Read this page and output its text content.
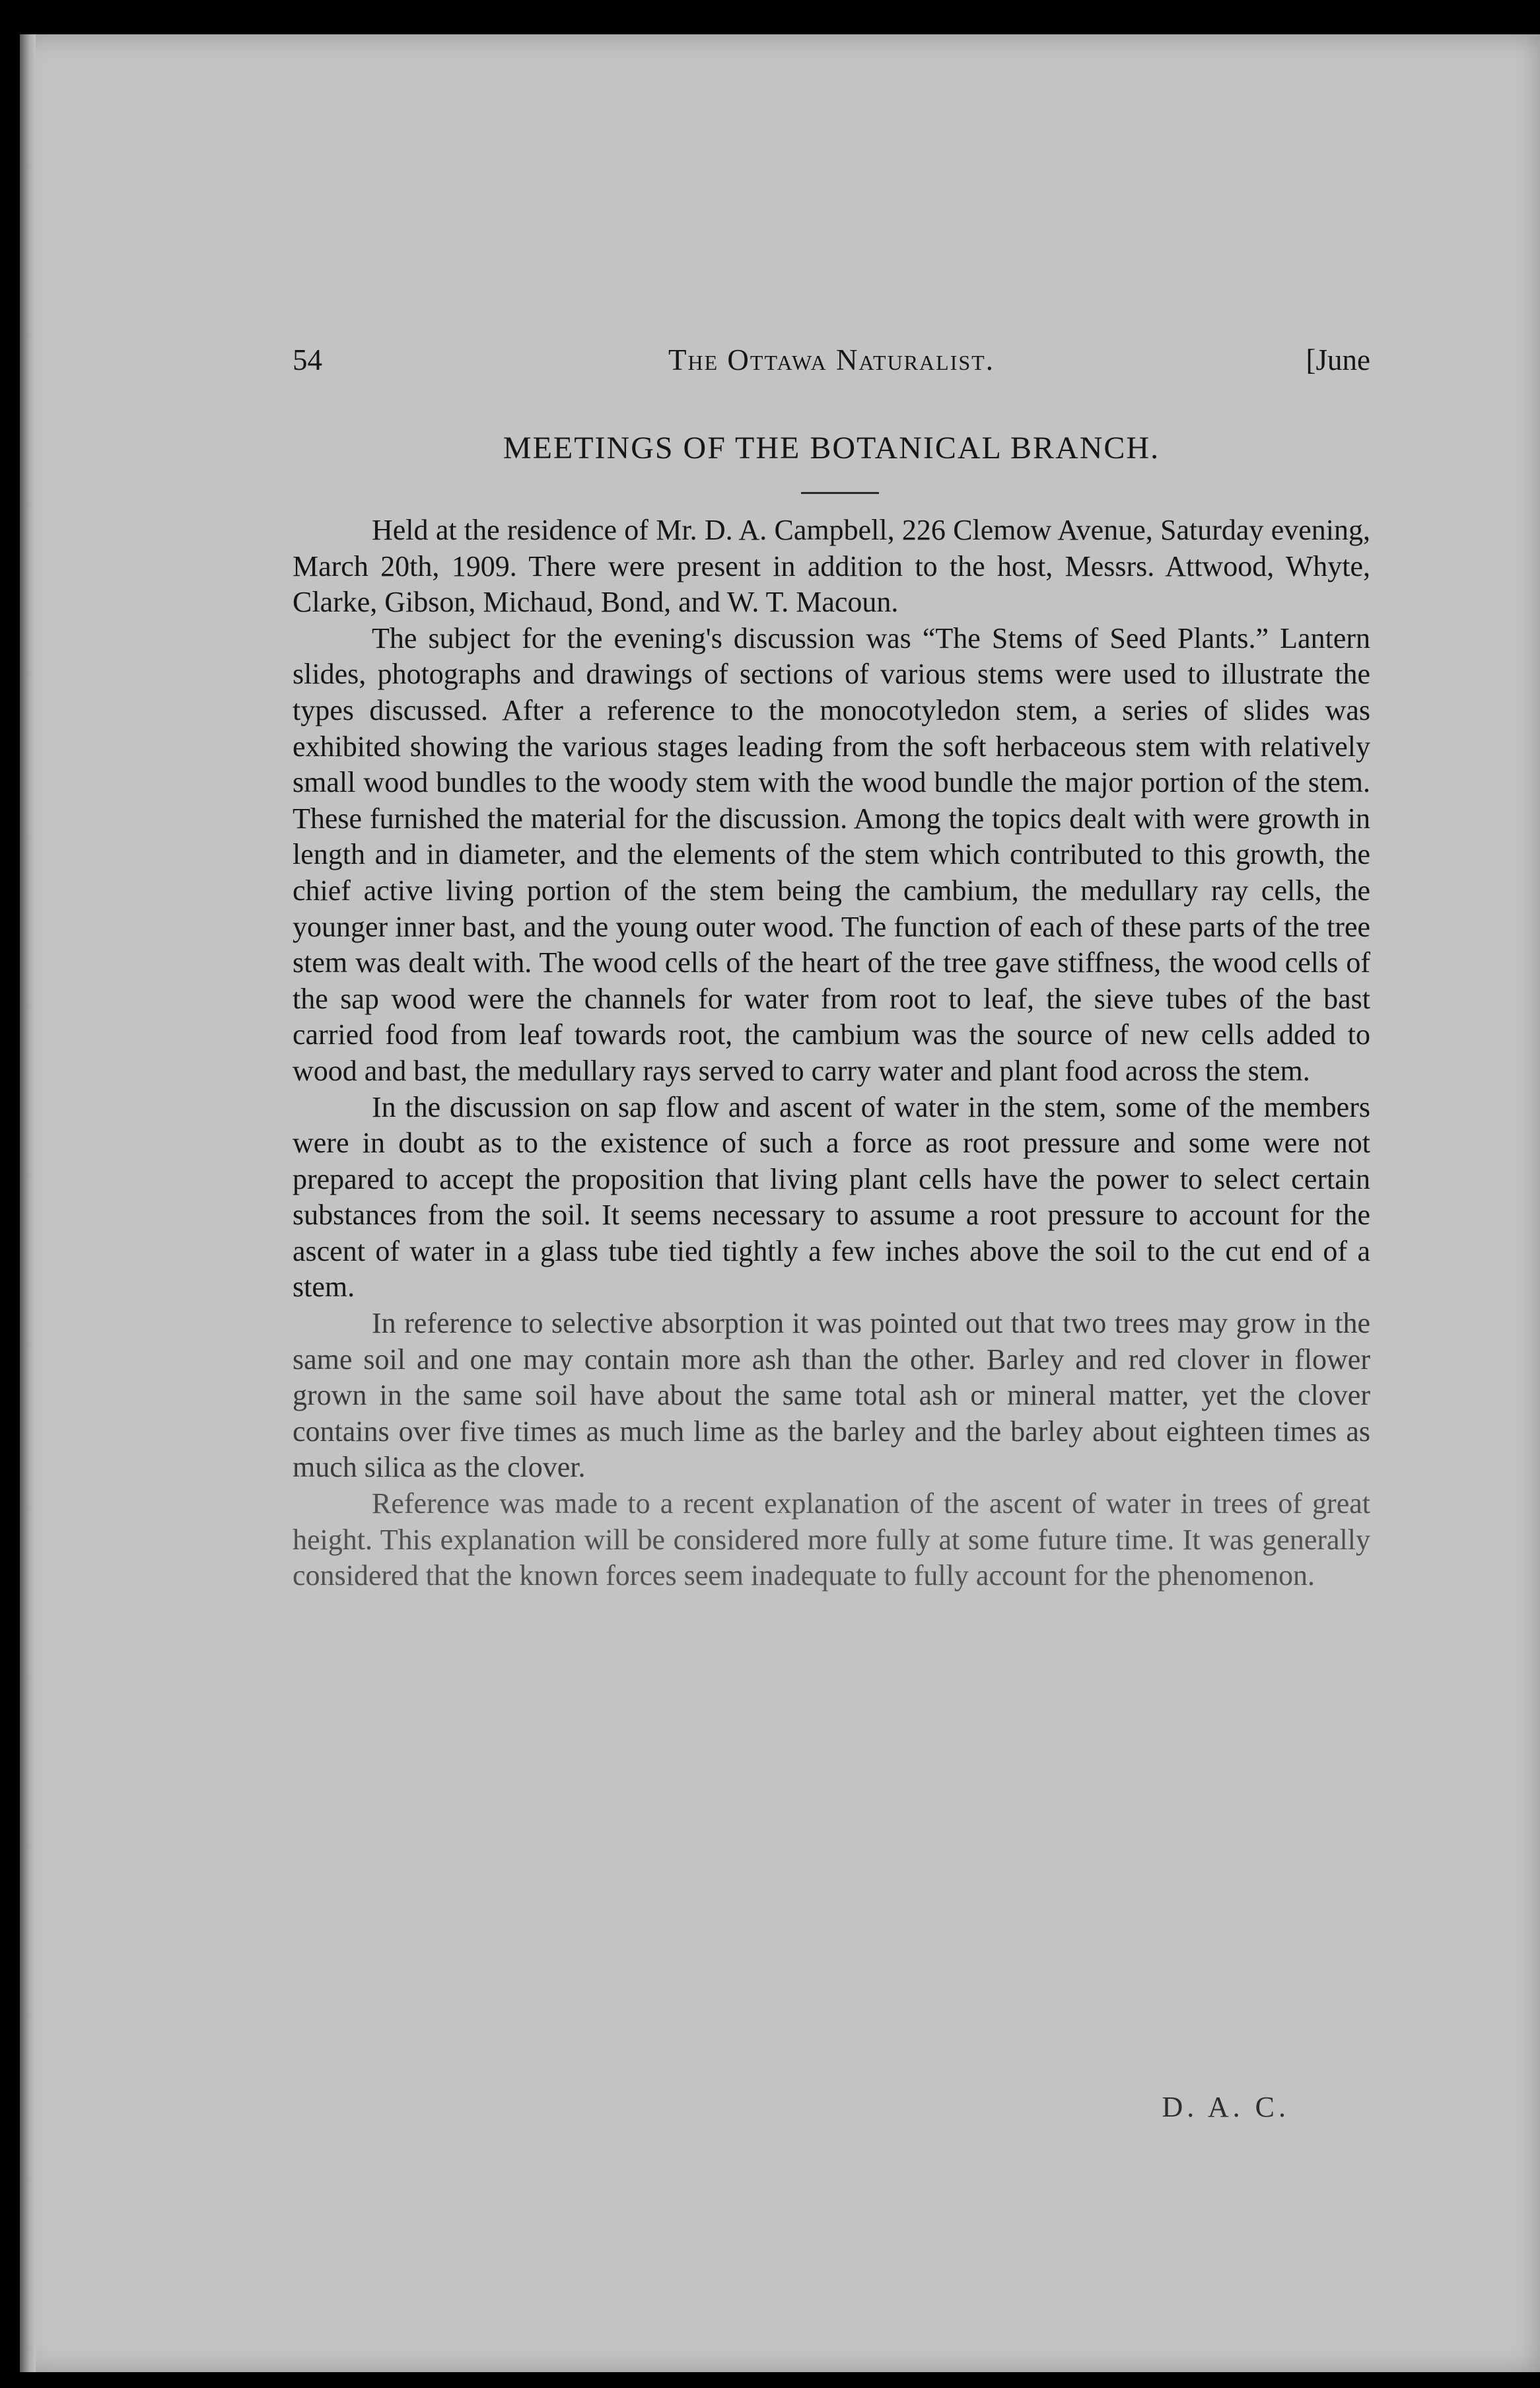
54	The Ottawa Naturalist.	[June
MEETINGS OF THE BOTANICAL BRANCH.

Held at the residence of Mr. D. A. Campbell, 226 Clemow Avenue, Saturday evening, March 20th, 1909. There were present in addition to the host, Messrs. Attwood, Whyte, Clarke, Gibson, Michaud, Bond, and W. T. Macoun.

The subject for the evening's discussion was “The Stems of Seed Plants.” Lantern slides, photographs and drawings of sections of various stems were used to illustrate the types discussed. After a reference to the monocotyledon stem, a series of slides was exhibited showing the various stages leading from the soft herbaceous stem with relatively small wood bundles to the woody stem with the wood bundle the major portion of the stem. These furnished the material for the discussion. Among the topics dealt with were growth in length and in diameter, and the elements of the stem which contributed to this growth, the chief active living portion of the stem being the cambium, the medullary ray cells, the younger inner bast, and the young outer wood. The function of each of these parts of the tree stem was dealt with. The wood cells of the heart of the tree gave stiffness, the wood cells of the sap wood were the channels for water from root to leaf, the sieve tubes of the bast carried food from leaf towards root, the cambium was the source of new cells added to wood and bast, the medullary rays served to carry water and plant food across the stem.

In the discussion on sap flow and ascent of water in the stem, some of the members were in doubt as to the existence of such a force as root pressure and some were not prepared to accept the proposition that living plant cells have the power to select certain substances from the soil. It seems necessary to assume a root pressure to account for the ascent of water in a glass tube tied tightly a few inches above the soil to the cut end of a stem.

In reference to selective absorption it was pointed out that two trees may grow in the same soil and one may contain more ash than the other. Barley and red clover in flower grown in the same soil have about the same total ash or mineral matter, yet the clover contains over five times as much lime as the barley and the barley about eighteen times as much silica as the clover.

Reference was made to a recent explanation of the ascent of water in trees of great height. This explanation will be considered more fully at some future time. It was generally considered that the known forces seem inadequate to fully account for the phenomenon.

D. A. C.
